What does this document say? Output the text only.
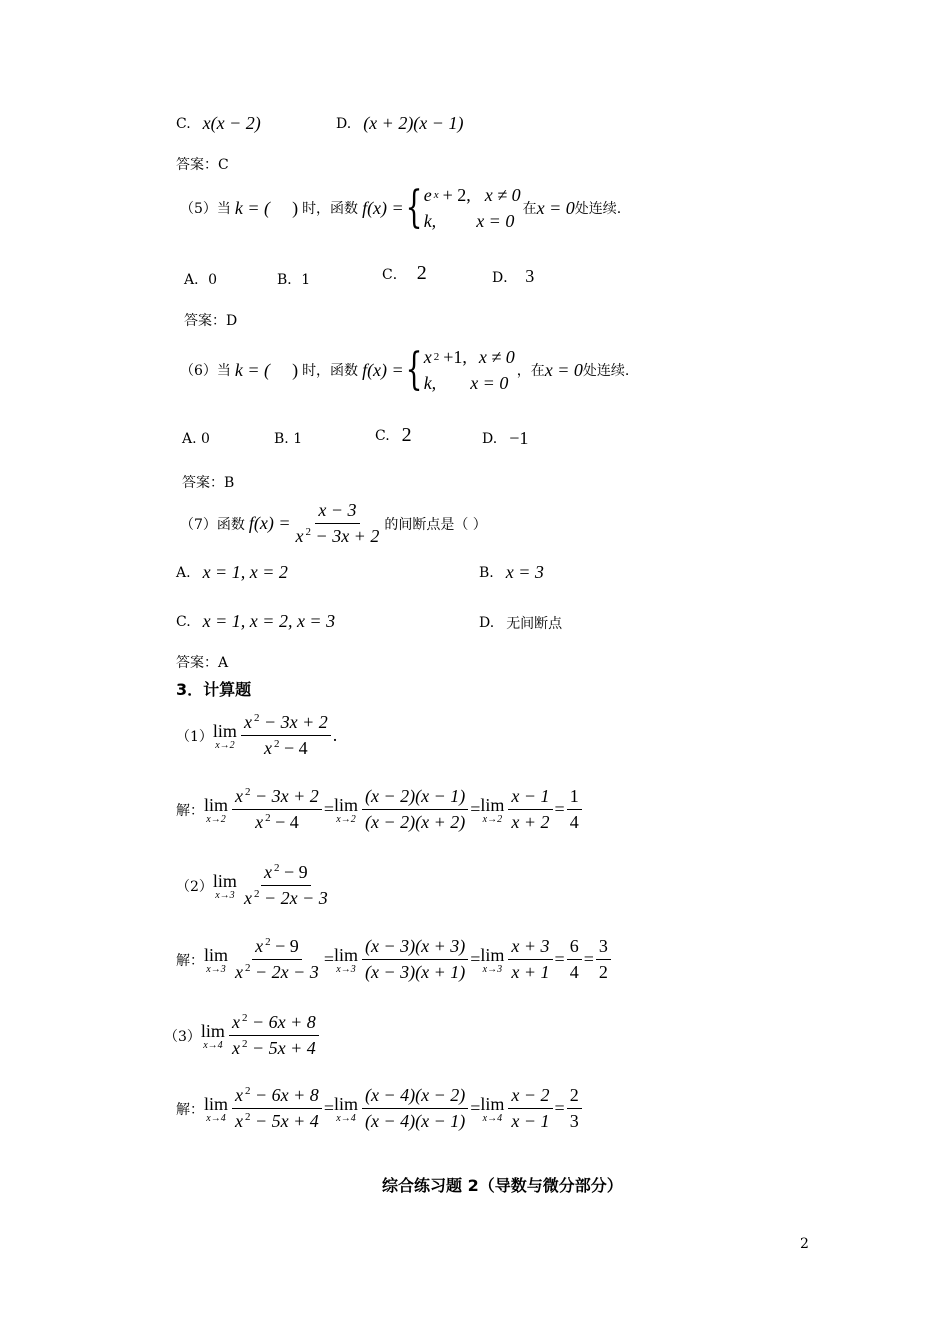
C. x(x − 2)	D. (x + 2)(x − 1)
答案：C
（5）当 k = ( ) 时，函数 f(x) = { e x + 2, x ≠ 0
k, x = 0
在 x = 0 处连续.
A．0	B．1	C． 2	D． 3
答案：D
（6）当 k = ( ) 时，函数 f(x) = { x 2 +1, x ≠ 0
k, x = 0
，在 x = 0 处连续.
A. 0	B. 1	C. 2	D. −1
答案：B
（7）函数 $f(x) = \frac{x - 3}{x ^2 - 3x + 2}$ 的间断点是（ ）
A. x = 1, x = 2	B. x = 3
C. x = 1, x = 2, x = 3	D. 无间断点
答案：A
3．计算题
（1） lim
$x\to 2 \frac{x ^2 - 3x + 2}{x ^2 - 4}$ .
解： lim
$x\to 2 \frac{x ^2 - 3x + 2}{x ^2 - 4} = \lim$
$x\to 2 \frac{(x - 2)(x - 1)}{(x - 2)(x + 2)} = \lim$
$x\to 2 \frac{x - 1}{x + 2} = \frac{1}{4}$
（2） lim
$x\to 3 \frac{x ^2 - 9}{x ^2 - 2x - 3}$
解： lim
$x\to 3 \frac{x ^2 - 9}{x ^2 - 2x - 3} = \lim$
$x\to 3 \frac{(x - 3)(x + 3)}{(x - 3)(x + 1)} = \lim$
$x\to 3 \frac{x + 3}{x + 1} = \frac{6}{4} = \frac{3}{2}$
（3） lim
$x\to 4 \frac{x ^2 - 6x + 8}{x ^2 - 5x + 4}$
解： lim
$x\to 4 \frac{x ^2 - 6x + 8}{x ^2 - 5x + 4} = \lim$
$x\to 4 \frac{(x - 4)(x - 2)}{(x - 4)(x - 1)} = \lim$
$x\to 4 \frac{x - 2}{x - 1} = \frac{2}{3}$
综合练习题 2（导数与微分部分）
2
